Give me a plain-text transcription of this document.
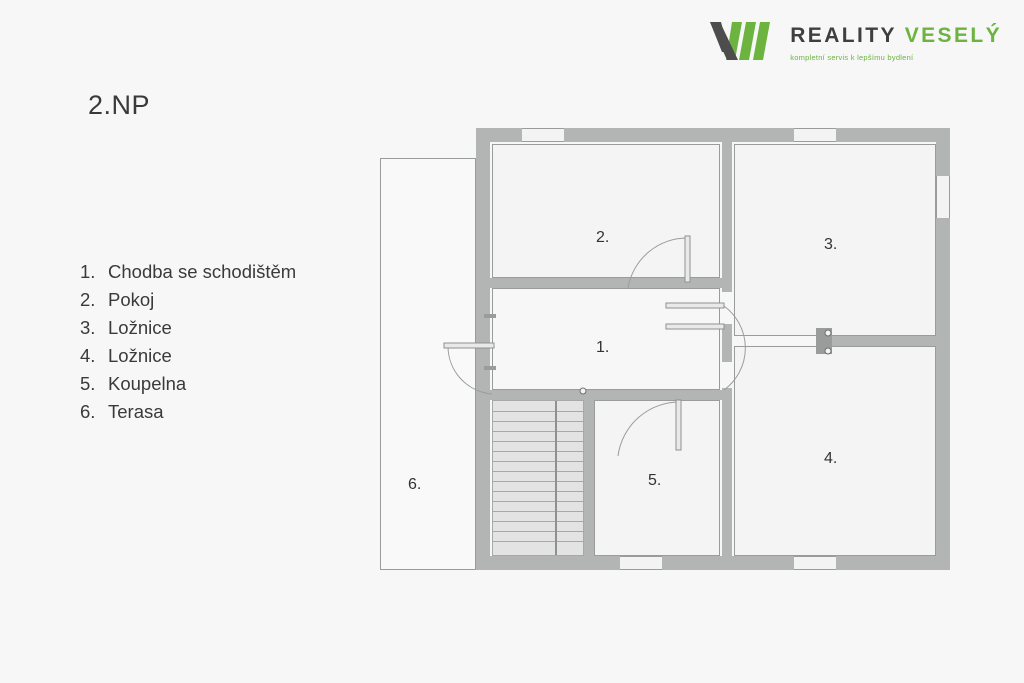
REALITY VESELÝ
kompletní servis k lepšímu bydlení
2.NP
1. Chodba se schodištěm
2. Pokoj
3. Ložnice
4. Ložnice
5. Koupelna
6. Terasa
6.
2.	3.
4.
1.
5.
